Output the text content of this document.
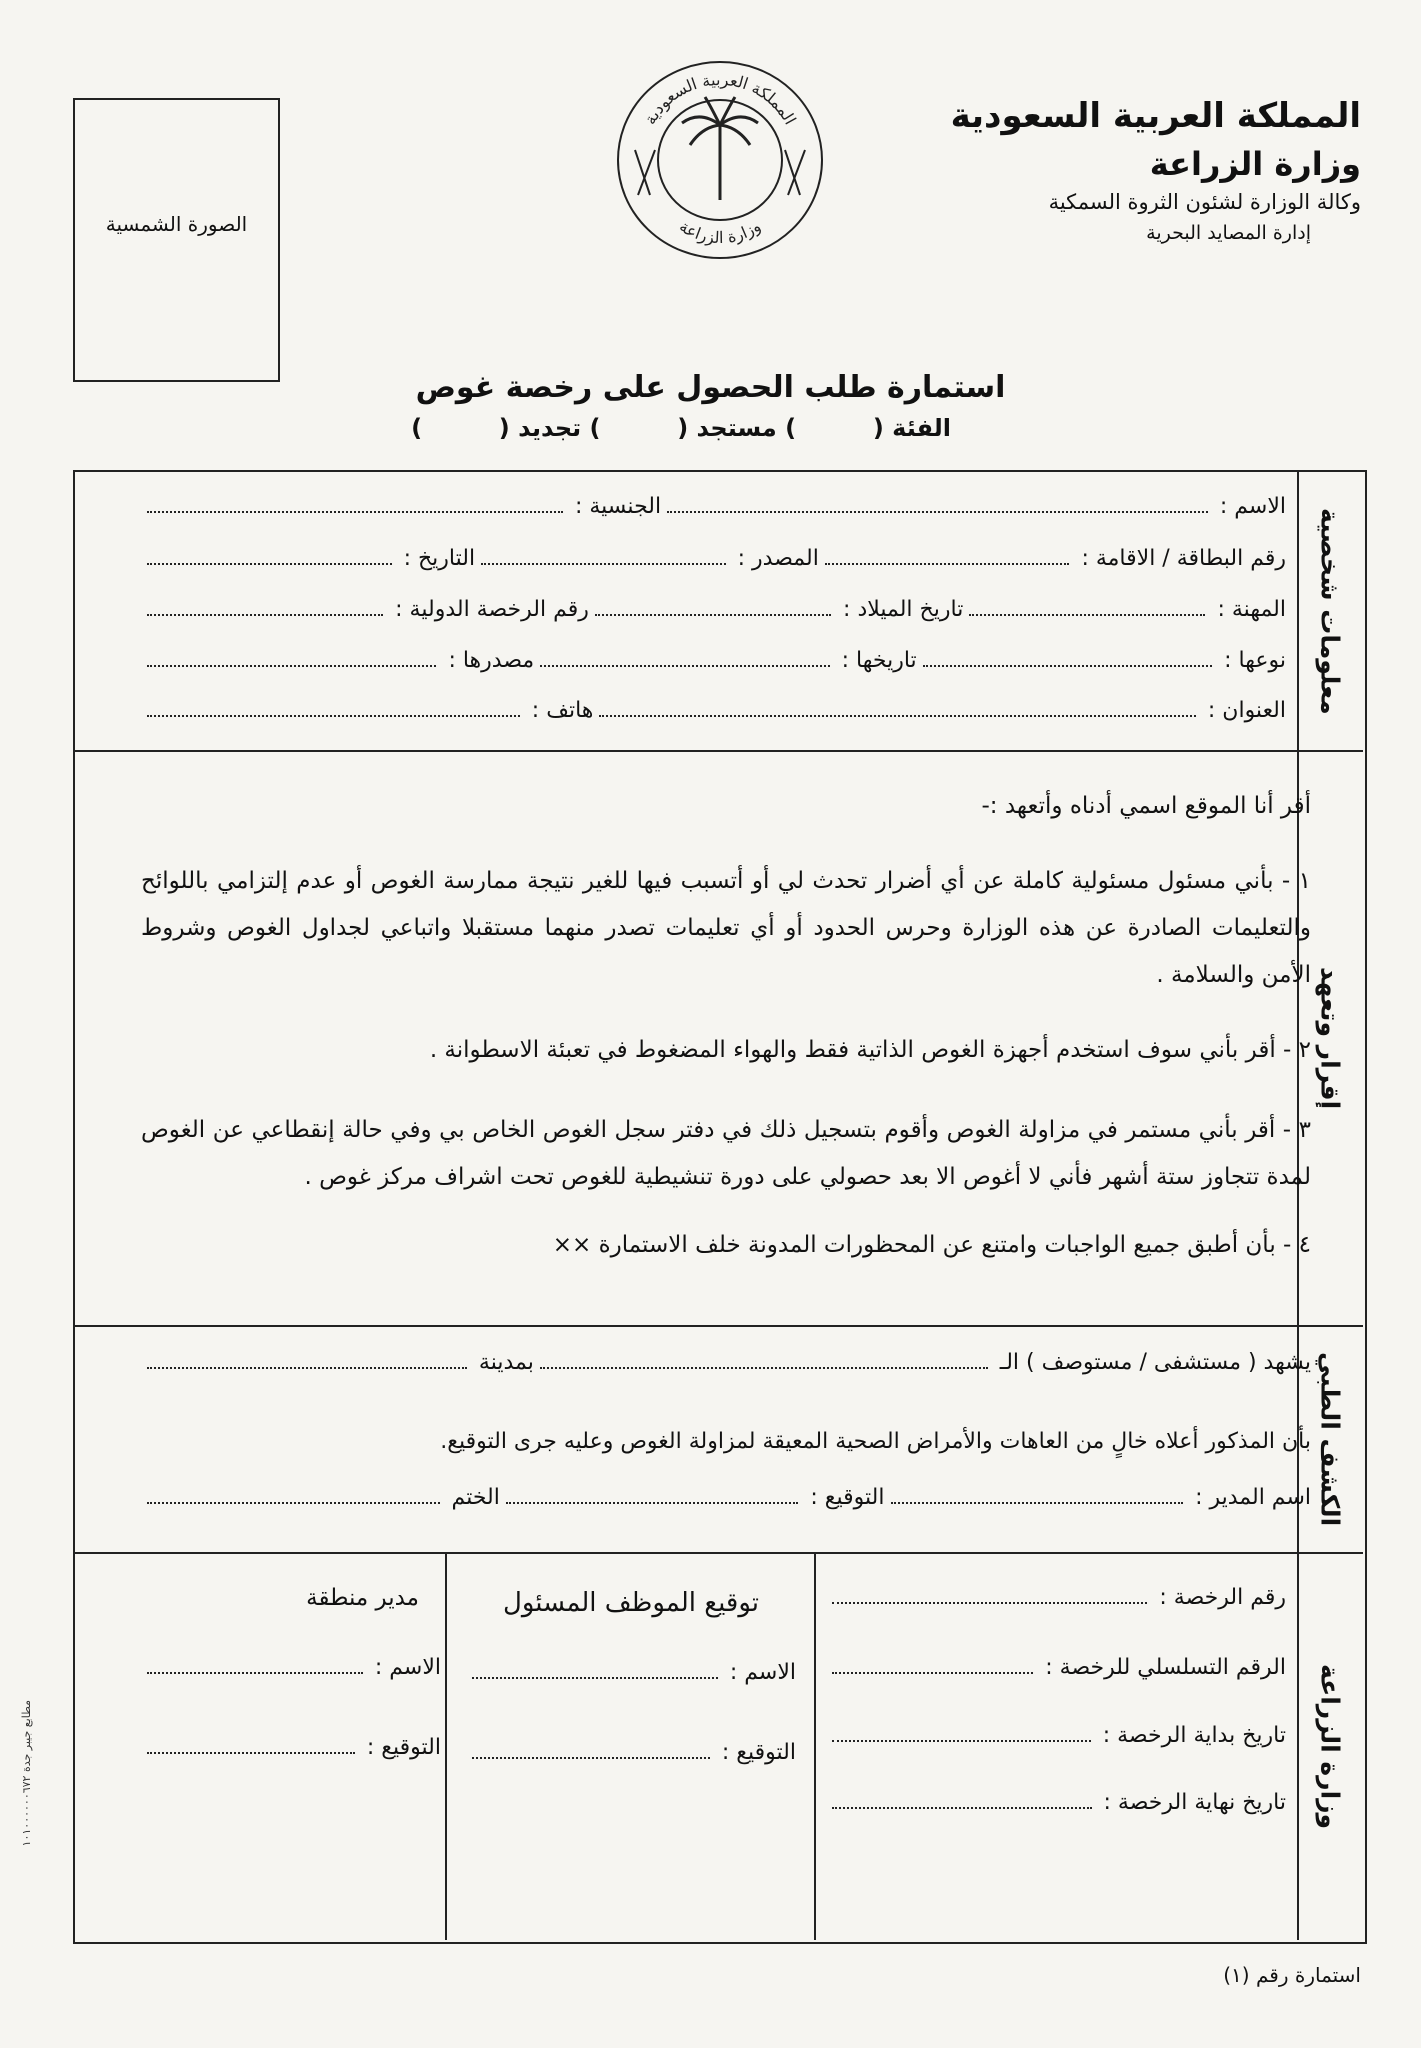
المملكة العربية السعودية
وزارة الزراعة
وكالة الوزارة لشئون الثروة السمكية
إدارة المصايد البحرية
المملكة العربية السعودية
وزارة الزراعة
الصورة الشمسية
استمارة طلب الحصول على رخصة غوص
الفئة (  ) مستجد (  ) تجديد (  )
معلومات شخصية
إقرار وتعهد
الكشف الطبي
وزارة الزراعة
الاسم :
الجنسية :
رقم البطاقة / الاقامة :
المصدر :
التاريخ :
المهنة :
تاريخ الميلاد :
رقم الرخصة الدولية :
نوعها :
تاريخها :
مصدرها :
العنوان :
هاتف :
أقر أنا الموقع اسمي أدناه وأتعهد :-
١ - بأني مسئول مسئولية كاملة عن أي أضرار تحدث لي أو أتسبب فيها للغير نتيجة ممارسة الغوص أو عدم إلتزامي باللوائح والتعليمات الصادرة عن هذه الوزارة وحرس الحدود أو أي تعليمات تصدر منهما مستقبلا واتباعي لجداول الغوص وشروط الأمن والسلامة .
٢ - أقر بأني سوف استخدم أجهزة الغوص الذاتية فقط والهواء المضغوط في تعبئة الاسطوانة .
٣ - أقر بأني مستمر في مزاولة الغوص وأقوم بتسجيل ذلك في دفتر سجل الغوص الخاص بي وفي حالة إنقطاعي عن الغوص لمدة تتجاوز ستة أشهر فأني لا أغوص الا بعد حصولي على دورة تنشيطية للغوص تحت اشراف مركز غوص .
٤ - بأن أطبق جميع الواجبات وامتنع عن المحظورات المدونة خلف الاستمارة ××
يشهد ( مستشفى / مستوصف ) الـ
بمدينة
بأن المذكور أعلاه خالٍ من العاهات والأمراض الصحية المعيقة لمزاولة الغوص وعليه جرى التوقيع.
اسم المدير :
التوقيع :
الختم
رقم الرخصة :
الرقم التسلسلي للرخصة :
تاريخ بداية الرخصة :
تاريخ نهاية الرخصة :
توقيع الموظف المسئول
الاسم :
التوقيع :
مدير منطقة
الاسم :
التوقيع :
استمارة رقم (١)
مطابع جيبر جدة ١٠١٠٠٠٠٠٠٦٧٢
